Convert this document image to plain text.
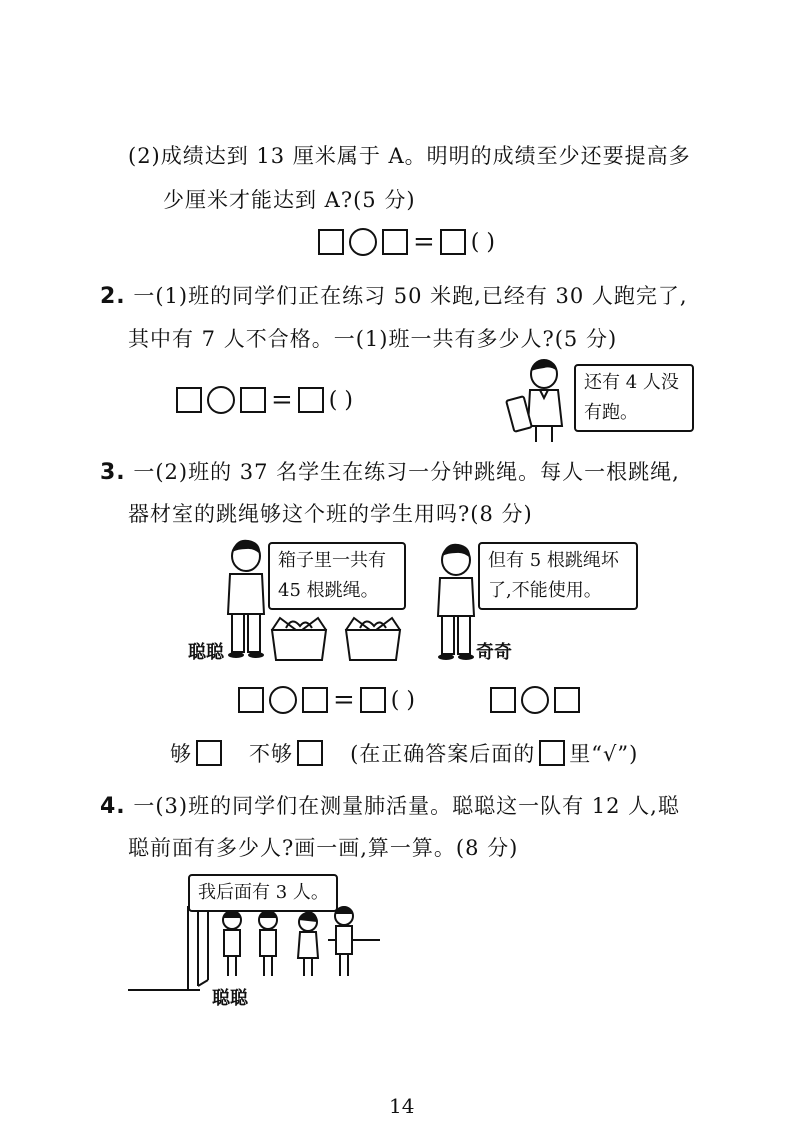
(2)成绩达到 13 厘米属于 A。明明的成绩至少还要提高多
少厘米才能达到 A?(5 分)
= ( )
2. 一(1)班的同学们正在练习 50 米跑,已经有 30 人跑完了,
其中有 7 人不合格。一(1)班一共有多少人?(5 分)
= ( )
还有 4 人没
有跑。
3. 一(2)班的 37 名学生在练习一分钟跳绳。每人一根跳绳,
器材室的跳绳够这个班的学生用吗?(8 分)
箱子里一共有
45 根跳绳。
但有 5 根跳绳坏
了,不能使用。
聪聪	奇奇
= ( )
够	不够	(在正确答案后面的 里“√”)
4. 一(3)班的同学们在测量肺活量。聪聪这一队有 12 人,聪
聪前面有多少人?画一画,算一算。(8 分)
我后面有 3 人。
聪聪
14
